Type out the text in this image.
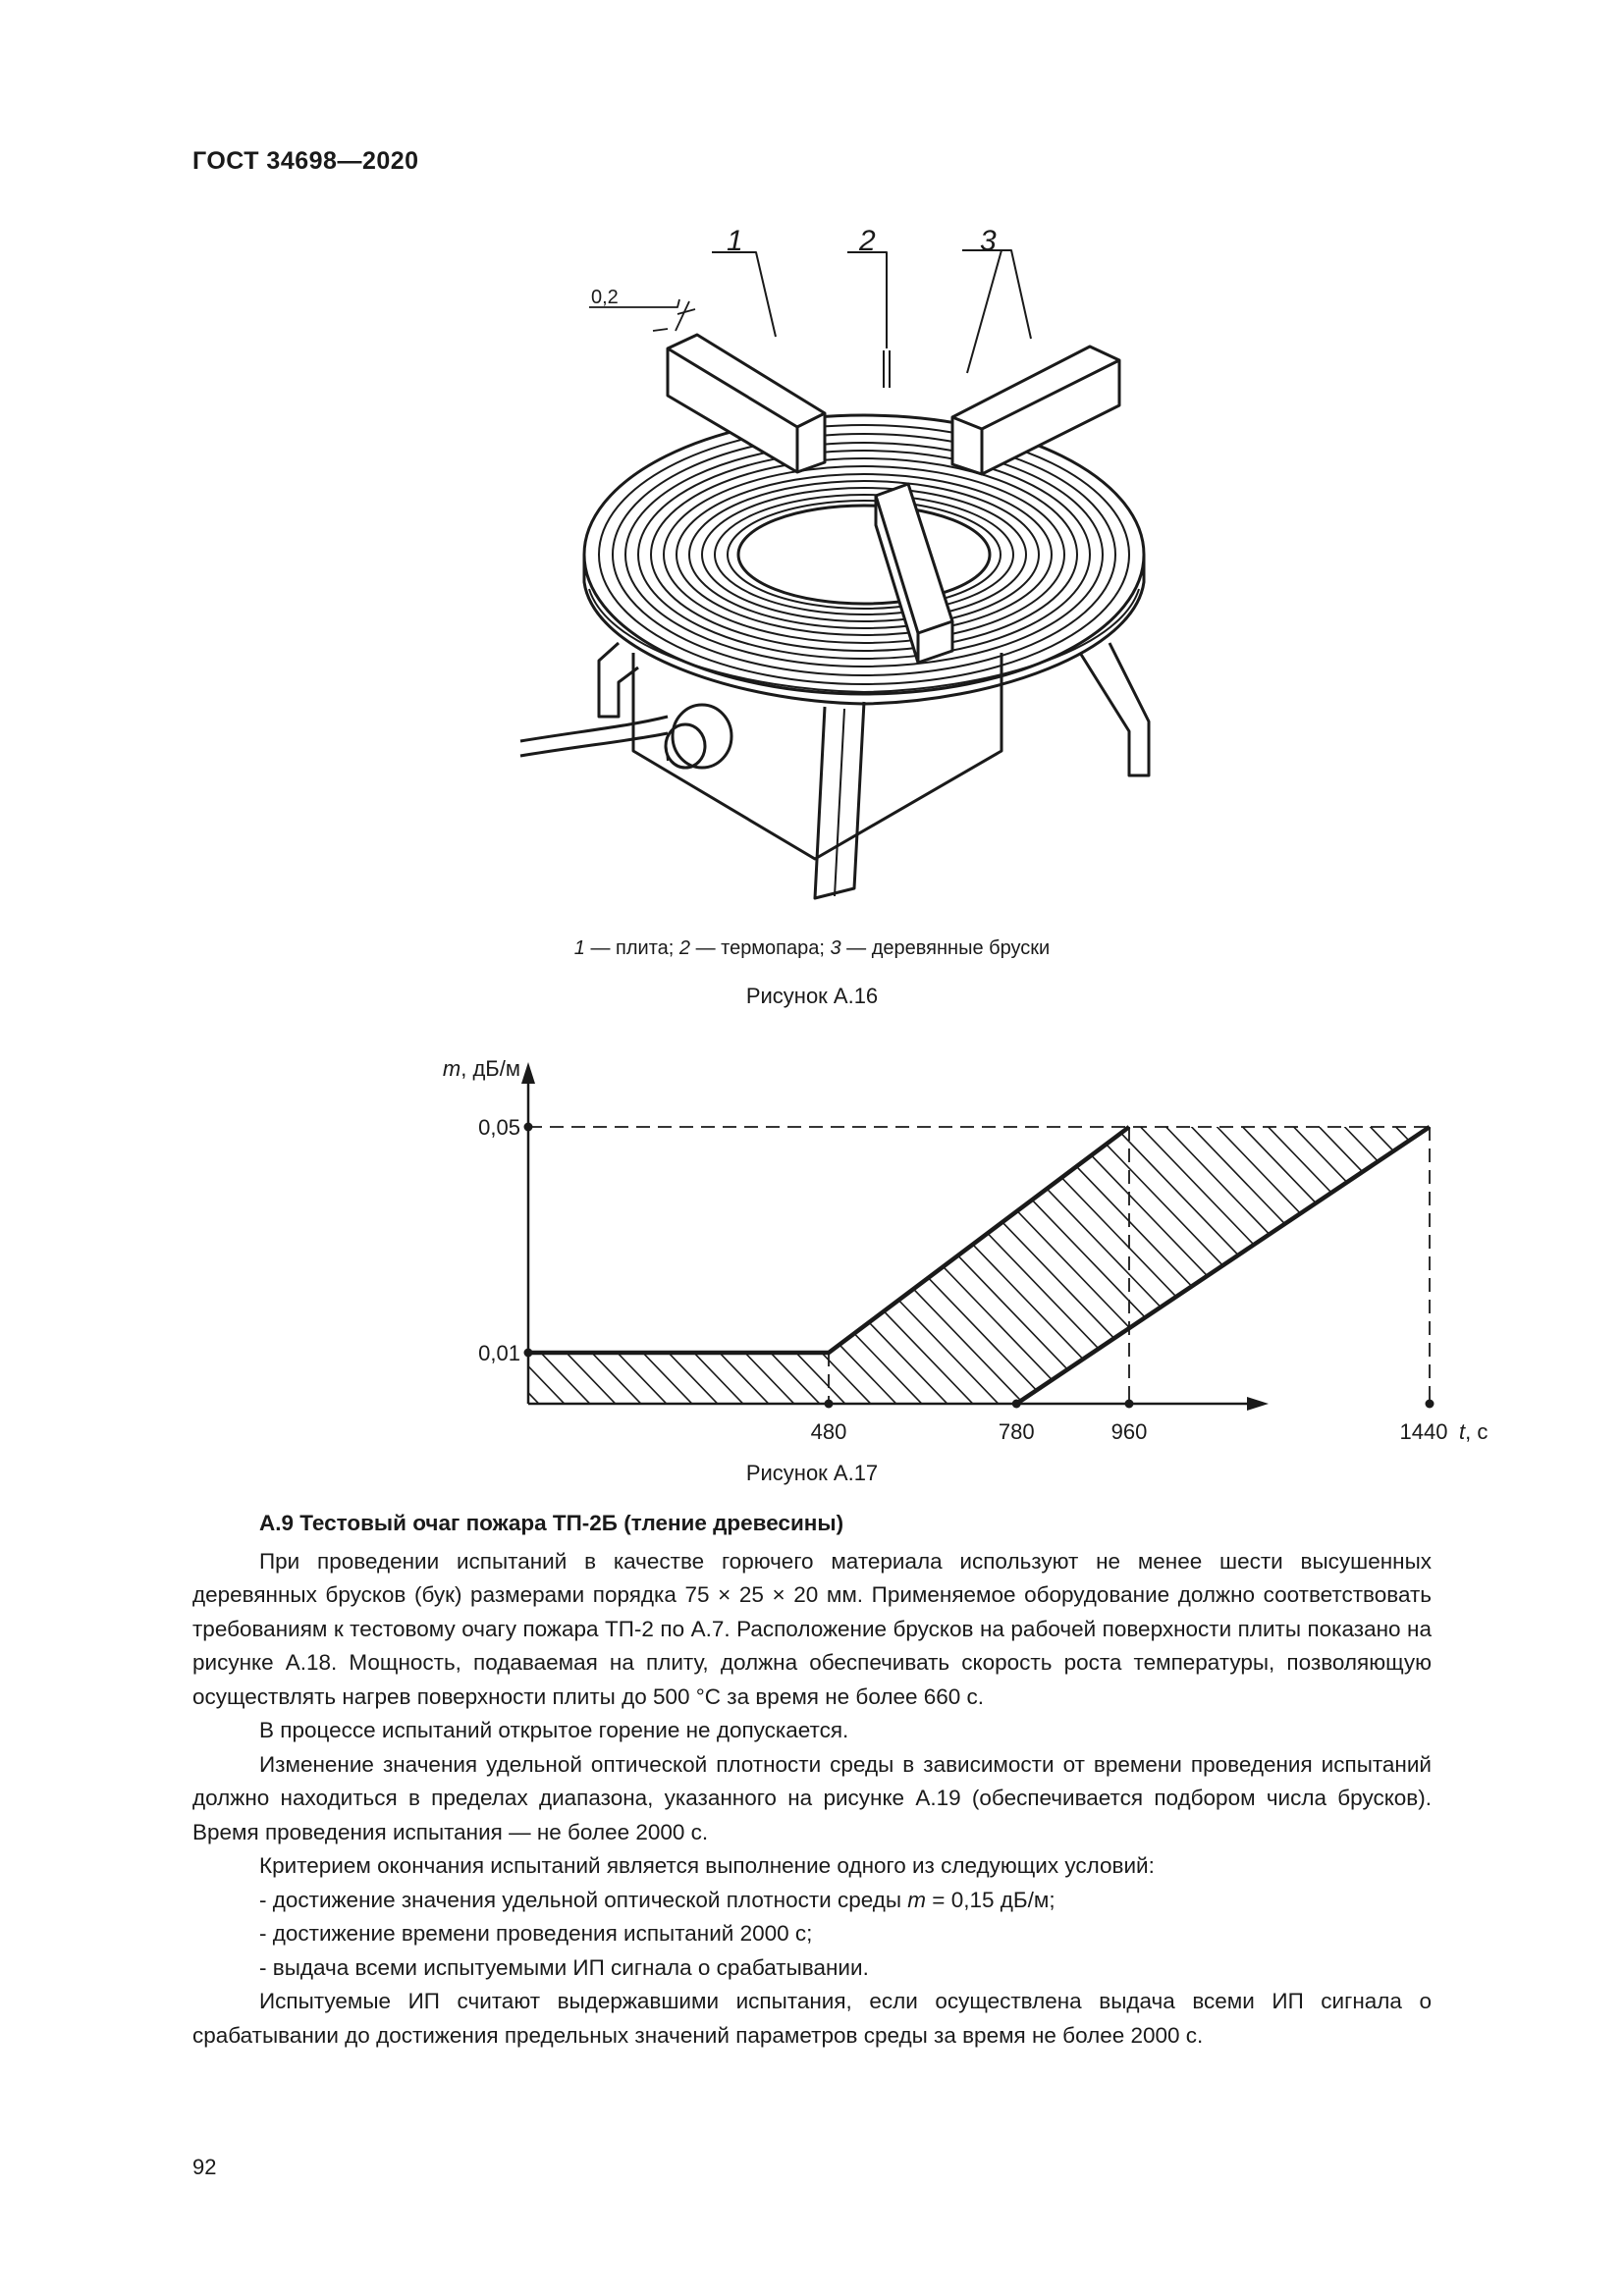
ГОСТ 34698—2020
1	2	3
0,2
1 — плита; 2 — термопара; 3 — деревянные бруски
Рисунок А.16
0,05
0,01
480	780	960	1440
m, дБ/м
t, с
Рисунок А.17
А.9 Тестовый очаг пожара ТП-2Б (тление древесины)

При проведении испытаний в качестве горючего материала используют не менее шести высушенных деревянных брусков (бук) размерами порядка 75 × 25 × 20 мм. Применяемое оборудование должно соответствовать требованиям к тестовому очагу пожара ТП-2 по А.7. Расположение брусков на рабочей поверхности плиты показано на рисунке А.18. Мощность, подаваемая на плиту, должна обеспечивать скорость роста температуры, позволяющую осуществлять нагрев поверхности плиты до 500 °С за время не более 660 с.

В процессе испытаний открытое горение не допускается.

Изменение значения удельной оптической плотности среды в зависимости от времени проведения испытаний должно находиться в пределах диапазона, указанного на рисунке А.19 (обеспечивается подбором числа брусков). Время проведения испытания — не более 2000 с.

Критерием окончания испытаний является выполнение одного из следующих условий:

- достижение значения удельной оптической плотности среды m = 0,15 дБ/м;
- достижение времени проведения испытаний 2000 с;
- выдача всеми испытуемыми ИП сигнала о срабатывании.

Испытуемые ИП считают выдержавшими испытания, если осуществлена выдача всеми ИП сигнала о срабатывании до достижения предельных значений параметров среды за время не более 2000 с.

92
